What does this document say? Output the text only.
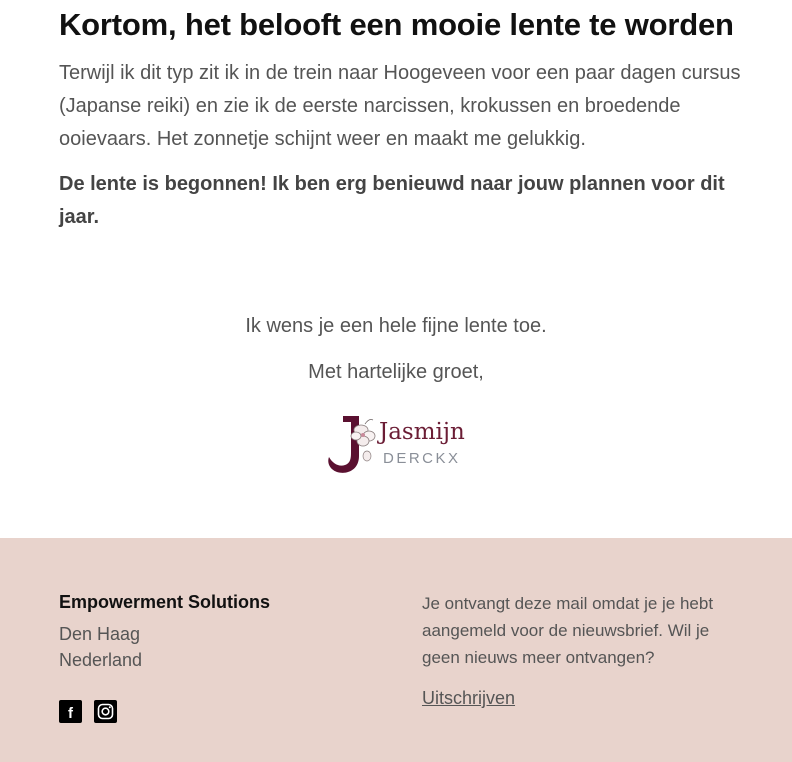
Kortom, het belooft een mooie lente te worden

Terwijl ik dit typ zit ik in de trein naar Hoogeveen voor een paar dagen cursus (Japanse reiki) en zie ik de eerste narcissen, krokussen en broedende ooievaars. Het zonnetje schijnt weer en maakt me gelukkig.

De lente is begonnen! Ik ben erg benieuwd naar jouw plannen voor dit jaar.

Ik wens je een hele fijne lente toe.

Met hartelijke groet,

Jasmijn
DERCKX
Empowerment Solutions
Den Haag
Nederland
f

Je ontvangt deze mail omdat je je hebt aangemeld voor de nieuwsbrief. Wil je geen nieuws meer ontvangen?

Uitschrijven
